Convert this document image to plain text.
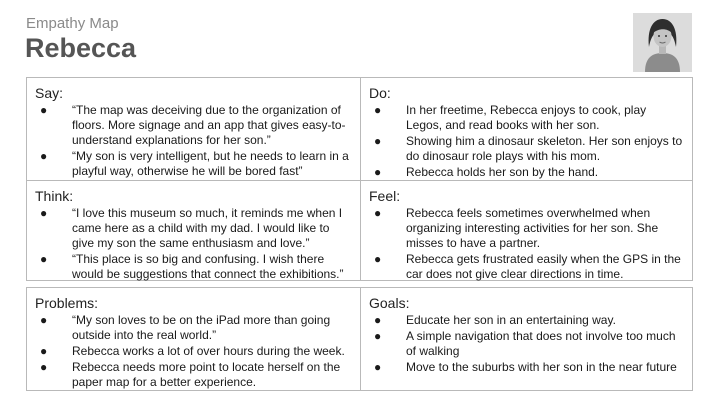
Empathy Map
Rebecca
Say:
● “The map was deceiving due to the organization of floors. More signage and an app that gives easy-to-understand explanations for her son.”
● “My son is very intelligent, but he needs to learn in a playful way, otherwise he will be bored fast”
Do:
● In her freetime, Rebecca enjoys to cook, play Legos, and read books with her son.
● Showing him a dinosaur skeleton. Her son enjoys to do dinosaur role plays with his mom.
● Rebecca holds her son by the hand.
Think:
● “I love this museum so much, it reminds me when I came here as a child with my dad. I would like to give my son the same enthusiasm and love.”
● “This place is so big and confusing. I wish there would be suggestions that connect the exhibitions.”
Feel:
● Rebecca feels sometimes overwhelmed when organizing interesting activities for her son. She misses to have a partner.
● Rebecca gets frustrated easily when the GPS in the car does not give clear directions in time.
Problems:
● “My son loves to be on the iPad more than going outside into the real world.”
● Rebecca works a lot of over hours during the week.
● Rebecca needs more point to locate herself on the paper map for a better experience.
Goals:
● Educate her son in an entertaining way.
● A simple navigation that does not involve too much of walking
● Move to the suburbs with her son in the near future
